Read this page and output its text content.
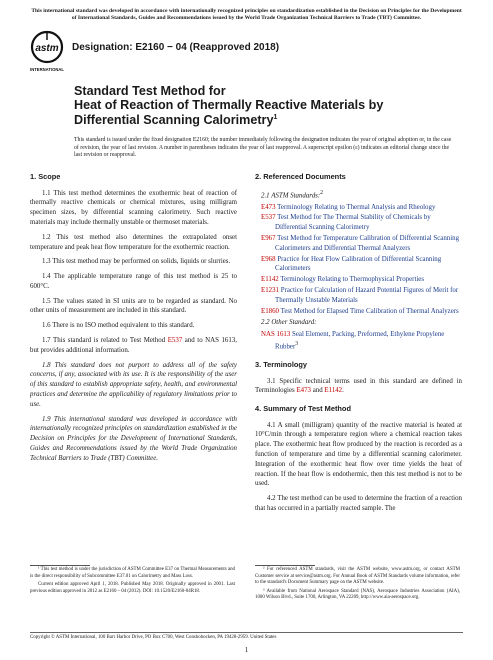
This international standard was developed in accordance with internationally recognized principles on standardization established in the Decision on Principles for the Development of International Standards, Guides and Recommendations issued by the World Trade Organization Technical Barriers to Trade (TBT) Committee.
astm
INTERNATIONAL
Designation: E2160 − 04 (Reapproved 2018)
Standard Test Method for
Heat of Reaction of Thermally Reactive Materials by
Differential Scanning Calorimetry$^1$
This standard is issued under the fixed designation E2160; the number immediately following the designation indicates the year of original adoption or, in the case of revision, the year of last revision. A number in parentheses indicates the year of last reapproval. A superscript epsilon (ε) indicates an editorial change since the last revision or reapproval.
1. Scope

1.1 This test method determines the exothermic heat of reaction of thermally reactive chemicals or chemical mixtures, using milligram specimen sizes, by differential scanning calorimetry. Such reactive materials may include thermally unstable or thermoset materials.

1.2 This test method also determines the extrapolated onset temperature and peak heat flow temperature for the exothermic reaction.

1.3 This test method may be performed on solids, liquids or slurries.

1.4 The applicable temperature range of this test method is 25 to 600°C.

1.5 The values stated in SI units are to be regarded as standard. No other units of measurement are included in this standard.

1.6 There is no ISO method equivalent to this standard.

1.7 This standard is related to Test Method E537 and to NAS 1613, but provides additional information.

1.8 This standard does not purport to address all of the safety concerns, if any, associated with its use. It is the responsibility of the user of this standard to establish appropriate safety, health, and environmental practices and determine the applicability of regulatory limitations prior to use.

1.9 This international standard was developed in accordance with internationally recognized principles on standardization established in the Decision on Principles for the Development of International Standards, Guides and Recommendations issued by the World Trade Organization Technical Barriers to Trade (TBT) Committee.

2. Referenced Documents
2.1 ASTM Standards:$^2$
E473 Terminology Relating to Thermal Analysis and Rheology
E537 Test Method for The Thermal Stability of Chemicals by Differential Scanning Calorimetry
E967 Test Method for Temperature Calibration of Differential Scanning Calorimeters and Differential Thermal Analyzers
E968 Practice for Heat Flow Calibration of Differential Scanning Calorimeters
E1142 Terminology Relating to Thermophysical Properties
E1231 Practice for Calculation of Hazard Potential Figures of Merit for Thermally Unstable Materials
E1860 Test Method for Elapsed Time Calibration of Thermal Analyzers
2.2 Other Standard:
NAS 1613 Seal Element, Packing, Preformed, Ethylene Propylene Rubber$^3$
3. Terminology

3.1 Specific technical terms used in this standard are defined in Terminologies E473 and E1142.

4. Summary of Test Method

4.1 A small (milligram) quantity of the reactive material is heated at 10°C/min through a temperature region where a chemical reaction takes place. The exothermic heat flow produced by the reaction is recorded as a function of temperature and time by a differential scanning calorimeter. Integration of the exothermic heat flow over time yields the heat of reaction. If the heat flow is endothermic, then this test method is not to be used.

4.2 The test method can be used to determine the fraction of a reaction that has occurred in a partially reacted sample. The

¹ This test method is under the jurisdiction of ASTM Committee E37 on Thermal Measurements and is the direct responsibility of Subcommittee E37.01 on Calorimetry and Mass Loss.

Current edition approved April 1, 2018. Published May 2018. Originally approved in 2001. Last previous edition approved in 2012 as E2160 – 04 (2012). DOI: 10.1520/E2160-04R18.

² For referenced ASTM standards, visit the ASTM website, www.astm.org, or contact ASTM Customer service at service@astm.org. For Annual Book of ASTM Standards volume information, refer to the standard's Document Summary page on the ASTM website.

³ Available from National Aerospace Standard (NAS), Aerospace Industries Association (AIA), 1000 Wilson Blvd., Suite 1700, Arlington, VA 22209, http://www.aia-aerospace.org.

Copyright © ASTM International, 100 Barr Harbor Drive, PO Box C700, West Conshohocken, PA 19428-2959. United States
1
